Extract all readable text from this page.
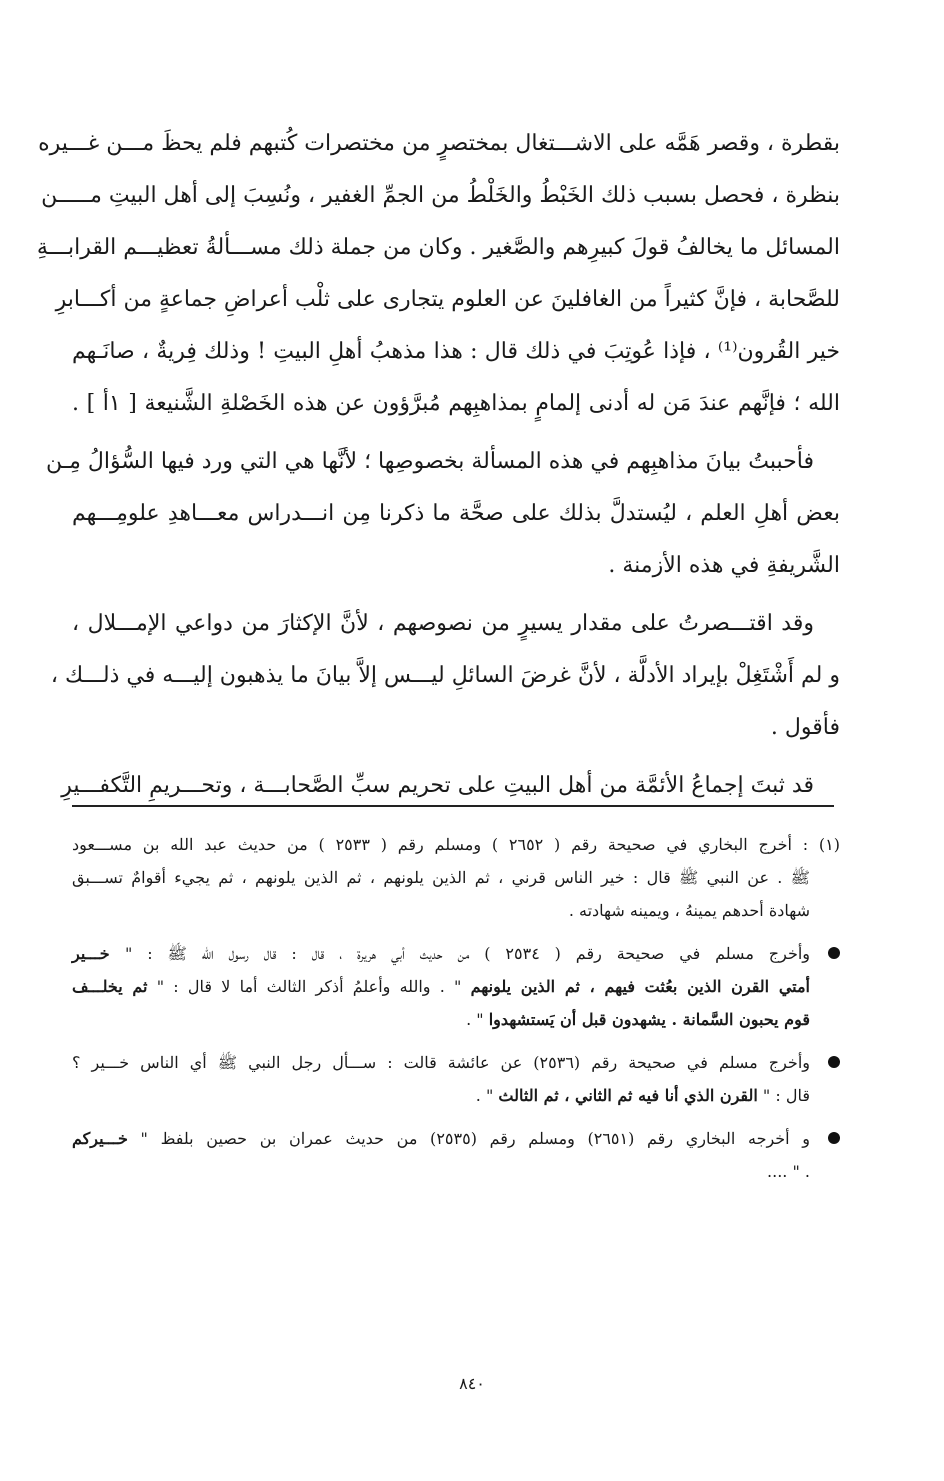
بقطرة ، وقصر هَمَّه على الاشـــتغال بمختصرٍ من مختصرات كُتبهم فلم يحظَ مـــن غـــيره
بنظرة ، فحصل بسبب ذلك الخَبْطُ والخَلْطُ من الجمِّ الغفير ، ونُسِبَ إلى أهل البيتِ مـــــن
المسائل ما يخالفُ قولَ كبيرِهم والصَّغير . وكان من جملة ذلك مســـألةُ تعظيـــم القرابـــةِ
للصَّحابة ، فإنَّ كثيراً من الغافلينَ عن العلوم يتجارى على ثلْب أعراضِ جماعةٍ من أكـــابرِ
خير القُرون⁽¹⁾ ، فإذا عُوتِبَ في ذلك قال : هذا مذهبُ أهلِ البيتِ ! وذلك فِريةٌ ، صانَـهم
الله ؛ فإنَّهم عندَ مَن له أدنى إلمامٍ بمذاهبِهم مُبرَّؤون عن هذه الخَصْلةِ الشَّنيعة [ ١أ ] .
فأحببتُ بيانَ مذاهبِهم في هذه المسألة بخصوصِها ؛ لأنَّها هي التي ورد فيها السُّؤالُ مِـن
بعض أهلِ العلم ، ليُستدلَّ بذلك على صحَّة ما ذكرنا مِن انـــدراس معـــاهدِ علومِـــهم
الشَّريفةِ في هذه الأزمنة .
وقد اقتـــصرتُ على مقدار يسيرٍ من نصوصهم ، لأنَّ الإكثارَ من دواعي الإمـــلال ،
و لم أَشْتَغِلْ بإيراد الأدلَّة ، لأنَّ غرضَ السائلِ ليـــس إلاَّ بيانَ ما يذهبون إليـــه في ذلـــك ،
فأقول .
قد ثبتَ إجماعُ الأئمَّة من أهل البيتِ على تحريم سبِّ الصَّحابـــة ، وتحـــريمِ التَّكفـــيرِ
(١) : أخرج البخاري في صحيحة رقم ( ٢٦٥٢ ) ومسلم رقم ( ٢٥٣٣ ) من حديث عبد الله بن مســـعود
ﷺ . عن النبي ﷺ قال : خير الناس قرني ، ثم الذين يلونهم ، ثم الذين يلونهم ، ثم يجيء أقوامٌ تســـبق
شهادة أحدهم يمينهُ ، ويمينه شهادته .
وأخرج مسلم في صحيحة رقم ( ٢٥٣٤ ) من حديث أبي هريرة ، قال : قال رسول الله ﷺ : " خـــير
أمتي القرن الذين بعُثت فيهم ، ثم الذين يلونهم " . والله وأعلمُ أذكر الثالث أما لا قال : " ثم يخلـــف
قوم يحبون السَّمانة . يشهدون قبل أن يَستشهدوا " .
وأخرج مسلم في صحيحة رقم (٢٥٣٦) عن عائشة قالت : ســـأل رجل النبي ﷺ أي الناس خـــير ؟
قال : " القرن الذي أنا فيه ثم الثاني ، ثم الثالث " .
و أخرجه البخاري رقم (٢٦٥١) ومسلم رقم (٢٥٣٥) من حديث عمران بن حصين بلفظ " خـــيركم
. " ....
٨٤٠
